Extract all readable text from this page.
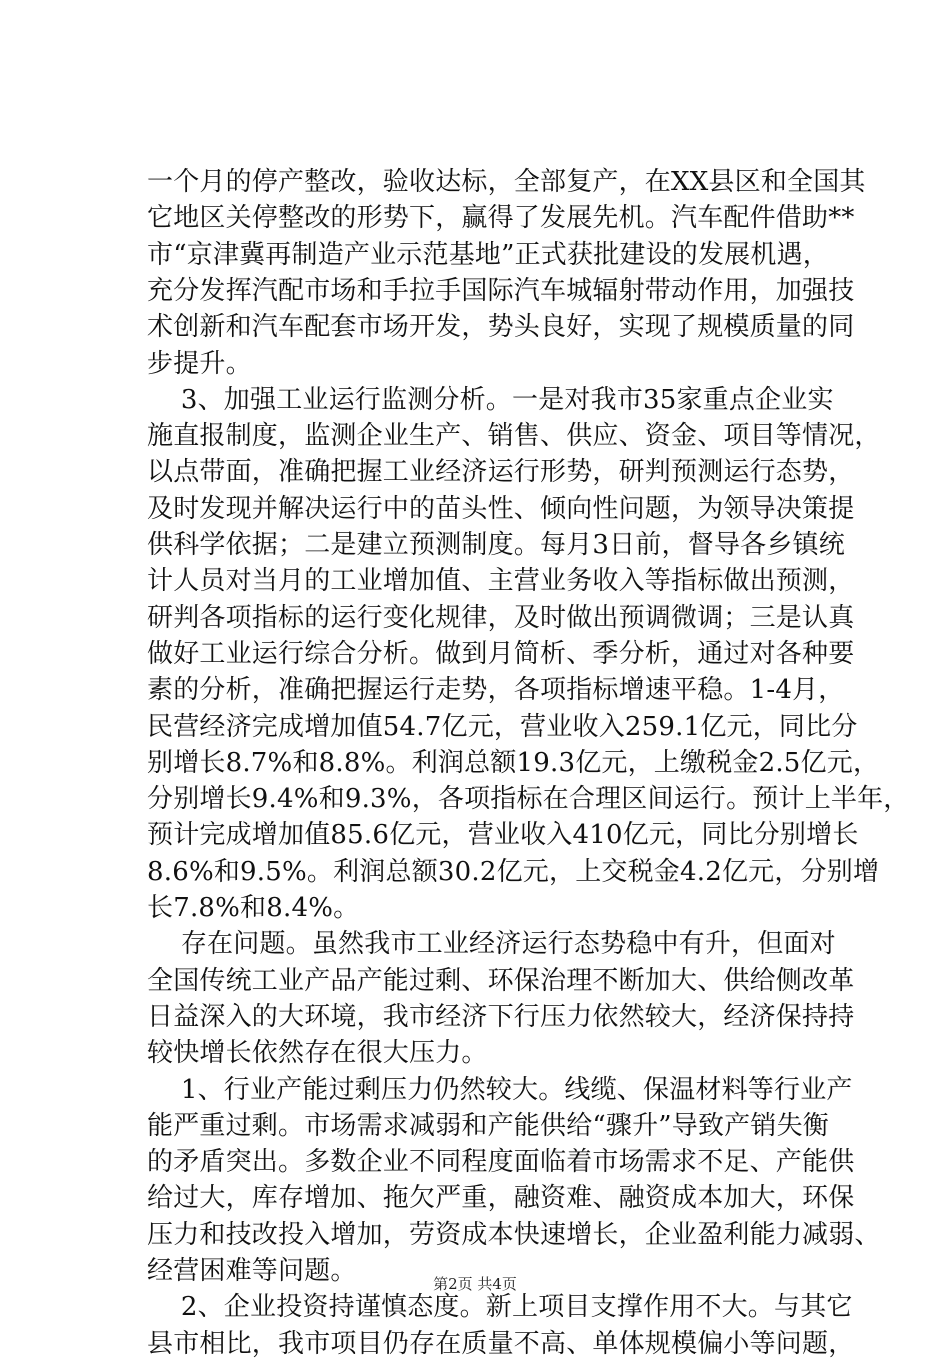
一个月的停产整改，验收达标，全部复产，在XX县区和全国其
它地区关停整改的形势下，赢得了发展先机。汽车配件借助**
市“京津冀再制造产业示范基地”正式获批建设的发展机遇，
充分发挥汽配市场和手拉手国际汽车城辐射带动作用，加强技
术创新和汽车配套市场开发，势头良好，实现了规模质量的同
步提升。
3、加强工业运行监测分析。一是对我市35家重点企业实
施直报制度，监测企业生产、销售、供应、资金、项目等情况，
以点带面，准确把握工业经济运行形势，研判预测运行态势，
及时发现并解决运行中的苗头性、倾向性问题，为领导决策提
供科学依据；二是建立预测制度。每月3日前，督导各乡镇统
计人员对当月的工业增加值、主营业务收入等指标做出预测，
研判各项指标的运行变化规律，及时做出预调微调；三是认真
做好工业运行综合分析。做到月简析、季分析，通过对各种要
素的分析，准确把握运行走势，各项指标增速平稳。1-4月，
民营经济完成增加值54.7亿元，营业收入259.1亿元，同比分
别增长8.7%和8.8%。利润总额19.3亿元，上缴税金2.5亿元，
分别增长9.4%和9.3%，各项指标在合理区间运行。预计上半年，
预计完成增加值85.6亿元，营业收入410亿元，同比分别增长
8.6%和9.5%。利润总额30.2亿元，上交税金4.2亿元，分别增
长7.8%和8.4%。
存在问题。虽然我市工业经济运行态势稳中有升，但面对
全国传统工业产品产能过剩、环保治理不断加大、供给侧改革
日益深入的大环境，我市经济下行压力依然较大，经济保持持
较快增长依然存在很大压力。
1、行业产能过剩压力仍然较大。线缆、保温材料等行业产
能严重过剩。市场需求减弱和产能供给“骤升”导致产销失衡
的矛盾突出。多数企业不同程度面临着市场需求不足、产能供
给过大，库存增加、拖欠严重，融资难、融资成本加大，环保
压力和技改投入增加，劳资成本快速增长，企业盈利能力减弱、
经营困难等问题。
2、企业投资持谨慎态度。新上项目支撑作用不大。与其它
县市相比，我市项目仍存在质量不高、单体规模偏小等问题，
第2页 共4页
